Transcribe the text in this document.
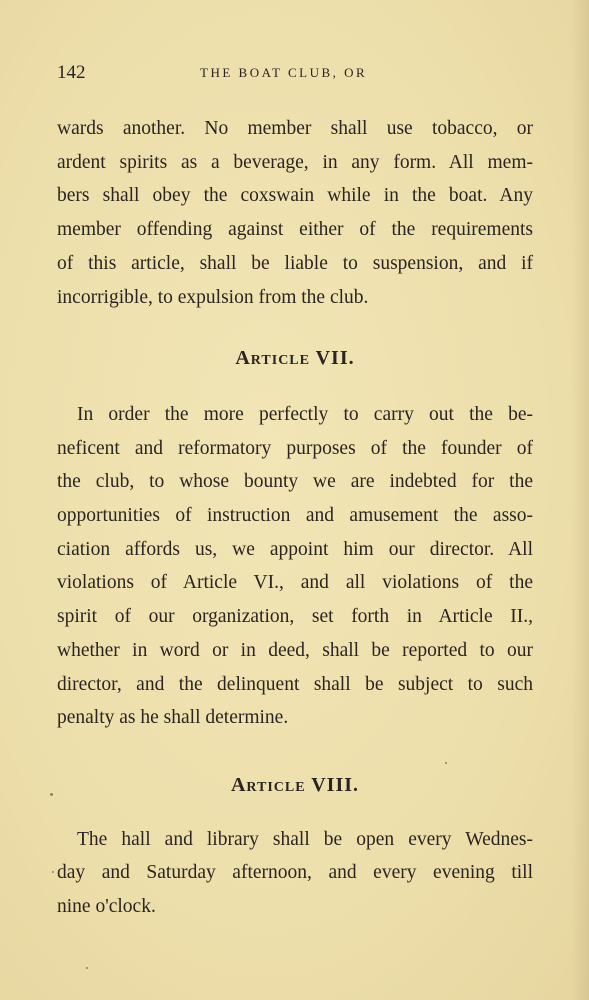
142	THE BOAT CLUB, OR
wards another. No member shall use tobacco, or
ardent spirits as a beverage, in any form. All mem-
bers shall obey the coxswain while in the boat. Any
member offending against either of the requirements
of this article, shall be liable to suspension, and if
incorrigible, to expulsion from the club.
Article VII.
In order the more perfectly to carry out the be-
neficent and reformatory purposes of the founder of
the club, to whose bounty we are indebted for the
opportunities of instruction and amusement the asso-
ciation affords us, we appoint him our director. All
violations of Article VI., and all violations of the
spirit of our organization, set forth in Article II.,
whether in word or in deed, shall be reported to our
director, and the delinquent shall be subject to such
penalty as he shall determine.
Article VIII.
The hall and library shall be open every Wednes-
day and Saturday afternoon, and every evening till
nine o'clock.
